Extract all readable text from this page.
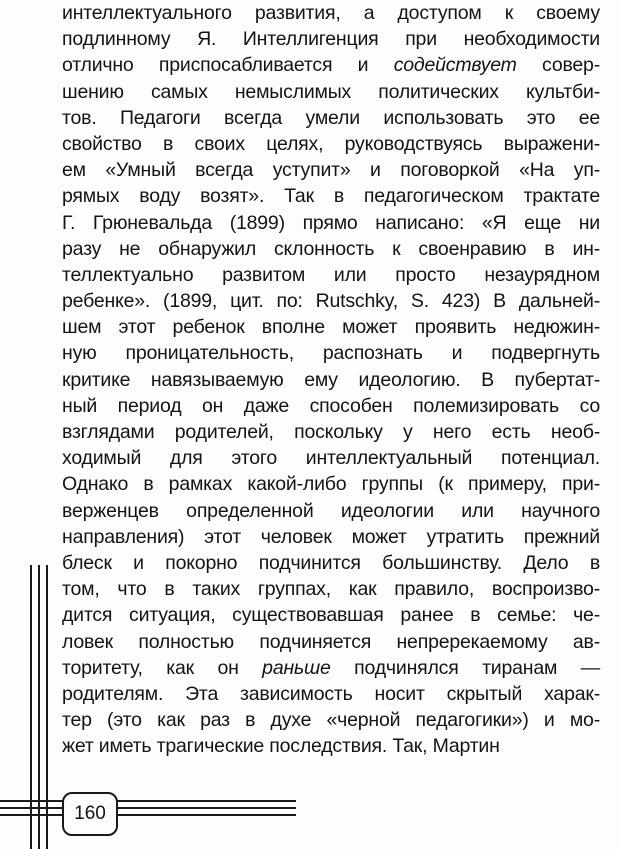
интеллектуального развития, а доступом к своему
подлинному Я. Интеллигенция при необходимости
отлично приспосабливается и содействует совер-
шению самых немыслимых политических культби-
тов. Педагоги всегда умели использовать это ее
свойство в своих целях, руководствуясь выражени-
ем «Умный всегда уступит» и поговоркой «На уп-
рямых воду возят». Так в педагогическом трактате
Г. Грюневальда (1899) прямо написано: «Я еще ни
разу не обнаружил склонность к своенравию в ин-
теллектуально развитом или просто незаурядном
ребенке». (1899, цит. по: Rutschky, S. 423) В дальней-
шем этот ребенок вполне может проявить недюжин-
ную проницательность, распознать и подвергнуть
критике навязываемую ему идеологию. В пубертат-
ный период он даже способен полемизировать со
взглядами родителей, поскольку у него есть необ-
ходимый для этого интеллектуальный потенциал.
Однако в рамках какой-либо группы (к примеру, при-
верженцев определенной идеологии или научного
направления) этот человек может утратить прежний
блеск и покорно подчинится большинству. Дело в
том, что в таких группах, как правило, воспроизво-
дится ситуация, существовавшая ранее в семье: че-
ловек полностью подчиняется непререкаемому ав-
торитету, как он раньше подчинялся тиранам —
родителям. Эта зависимость носит скрытый харак-
тер (это как раз в духе «черной педагогики») и мо-
жет иметь трагические последствия. Так, Мартин
160
